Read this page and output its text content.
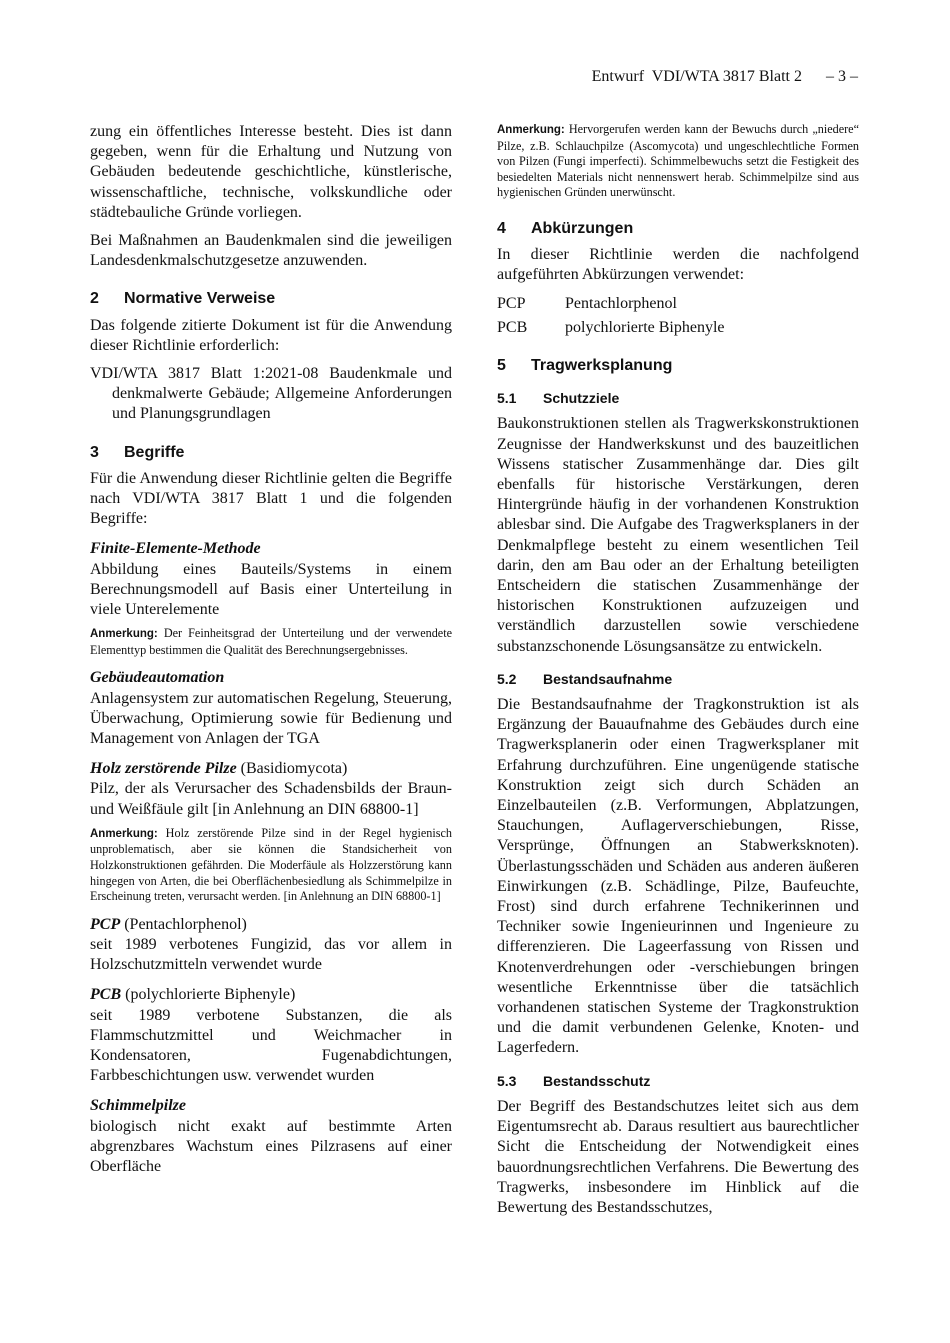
Entwurf  VDI/WTA 3817 Blatt 2 – 3 –

zung ein öffentliches Interesse besteht. Dies ist dann gegeben, wenn für die Erhaltung und Nutzung von Gebäuden bedeutende geschichtliche, künstlerische, wissenschaftliche, technische, volkskundliche oder städtebauliche Gründe vorliegen.

Bei Maßnahmen an Baudenkmalen sind die jeweiligen Landesdenkmalschutzgesetze anzuwenden.

2 Normative Verweise

Das folgende zitierte Dokument ist für die Anwendung dieser Richtlinie erforderlich:

VDI/WTA 3817 Blatt 1:2021-08 Baudenkmale und denkmalwerte Gebäude; Allgemeine Anforderungen und Planungsgrundlagen

3 Begriffe

Für die Anwendung dieser Richtlinie gelten die Begriffe nach VDI/WTA 3817 Blatt 1 und die folgenden Begriffe:

Finite-Elemente-Methode
Abbildung eines Bauteils/Systems in einem Berechnungsmodell auf Basis einer Unterteilung in viele Unterelemente
Anmerkung: Der Feinheitsgrad der Unterteilung und der verwendete Elementtyp bestimmen die Qualität des Berechnungsergebnisses.
Gebäudeautomation
Anlagensystem zur automatischen Regelung, Steuerung, Überwachung, Optimierung sowie für Bedienung und Management von Anlagen der TGA
Holz zerstörende Pilze (Basidiomycota)
Pilz, der als Verursacher des Schadensbilds der Braun- und Weißfäule gilt [in Anlehnung an DIN 68800-1]
Anmerkung: Holz zerstörende Pilze sind in der Regel hygienisch unproblematisch, aber sie können die Standsicherheit von Holzkonstruktionen gefährden. Die Moderfäule als Holzzerstörung kann hingegen von Arten, die bei Oberflächenbesiedlung als Schimmelpilze in Erscheinung treten, verursacht werden. [in Anlehnung an DIN 68800-1]
PCP (Pentachlorphenol)
seit 1989 verbotenes Fungizid, das vor allem in Holzschutzmitteln verwendet wurde
PCB (polychlorierte Biphenyle)
seit 1989 verbotene Substanzen, die als Flammschutzmittel und Weichmacher in Kondensatoren, Fugenabdichtungen, Farbbeschichtungen usw. verwendet wurden
Schimmelpilze
biologisch nicht exakt auf bestimmte Arten abgrenzbares Wachstum eines Pilzrasens auf einer Oberfläche
Anmerkung: Hervorgerufen werden kann der Bewuchs durch „niedere“ Pilze, z.B. Schlauchpilze (Ascomycota) und ungeschlechtliche Formen von Pilzen (Fungi imperfecti). Schimmelbewuchs setzt die Festigkeit des besiedelten Materials nicht nennenswert herab. Schimmelpilze sind aus hygienischen Gründen unerwünscht.
4 Abkürzungen

In dieser Richtlinie werden die nachfolgend aufgeführten Abkürzungen verwendet:

PCP	Pentachlorphenol
PCB	polychlorierte Biphenyle
5 Tragwerksplanung
5.1 Schutzziele

Baukonstruktionen stellen als Tragwerkskonstruktionen Zeugnisse der Handwerkskunst und des bauzeitlichen Wissens statischer Zusammenhänge dar. Dies gilt ebenfalls für historische Verstärkungen, deren Hintergründe häufig in der vorhandenen Konstruktion ablesbar sind. Die Aufgabe des Tragwerksplaners in der Denkmalpflege besteht zu einem wesentlichen Teil darin, den am Bau oder an der Erhaltung beteiligten Entscheidern die statischen Zusammenhänge der historischen Konstruktionen aufzuzeigen und verständlich darzustellen sowie verschiedene substanzschonende Lösungsansätze zu entwickeln.

5.2 Bestandsaufnahme

Die Bestandsaufnahme der Tragkonstruktion ist als Ergänzung der Bauaufnahme des Gebäudes durch eine Tragwerksplanerin oder einen Tragwerksplaner mit Erfahrung durchzuführen. Eine ungenügende statische Konstruktion zeigt sich durch Schäden an Einzelbauteilen (z.B. Verformungen, Abplatzungen, Stauchungen, Auflagerverschiebungen, Risse, Versprünge, Öffnungen an Stabwerksknoten). Überlastungsschäden und Schäden aus anderen äußeren Einwirkungen (z.B. Schädlinge, Pilze, Baufeuchte, Frost) sind durch erfahrene Technikerinnen und Techniker sowie Ingenieurinnen und Ingenieure zu differenzieren. Die Lageerfassung von Rissen und Knotenverdrehungen oder -verschiebungen bringen wesentliche Erkenntnisse über die tatsächlich vorhandenen statischen Systeme der Tragkonstruktion und die damit verbundenen Gelenke, Knoten- und Lagerfedern.

5.3 Bestandsschutz

Der Begriff des Bestandschutzes leitet sich aus dem Eigentumsrecht ab. Daraus resultiert aus baurechtlicher Sicht die Entscheidung der Notwendigkeit eines bauordnungsrechtlichen Verfahrens. Die Bewertung des Tragwerks, insbesondere im Hinblick auf die Bewertung des Bestandsschutzes,
